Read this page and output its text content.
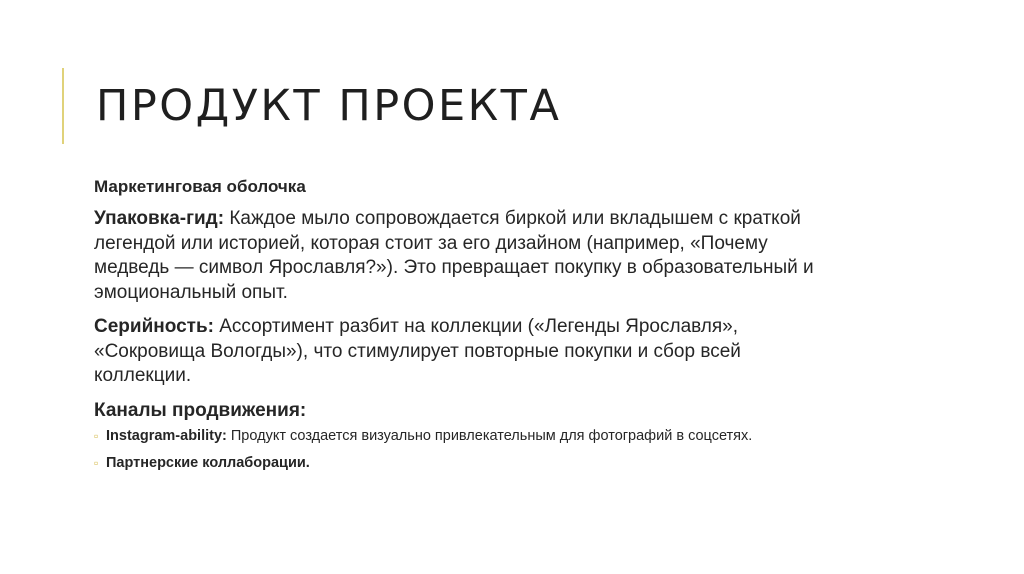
ПРОДУКТ ПРОЕКТА
Маркетинговая оболочка
Упаковка-гид: Каждое мыло сопровождается биркой или вкладышем с краткой легендой или историей, которая стоит за его дизайном (например, «Почему медведь — символ Ярославля?»). Это превращает покупку в образовательный и эмоциональный опыт.
Серийность: Ассортимент разбит на коллекции («Легенды Ярославля», «Сокровища Вологды»), что стимулирует повторные покупки и сбор всей коллекции.
Каналы продвижения:
▫ Instagram-ability: Продукт создается визуально привлекательным для фотографий в соцсетях.
▫ Партнерские коллаборации.
